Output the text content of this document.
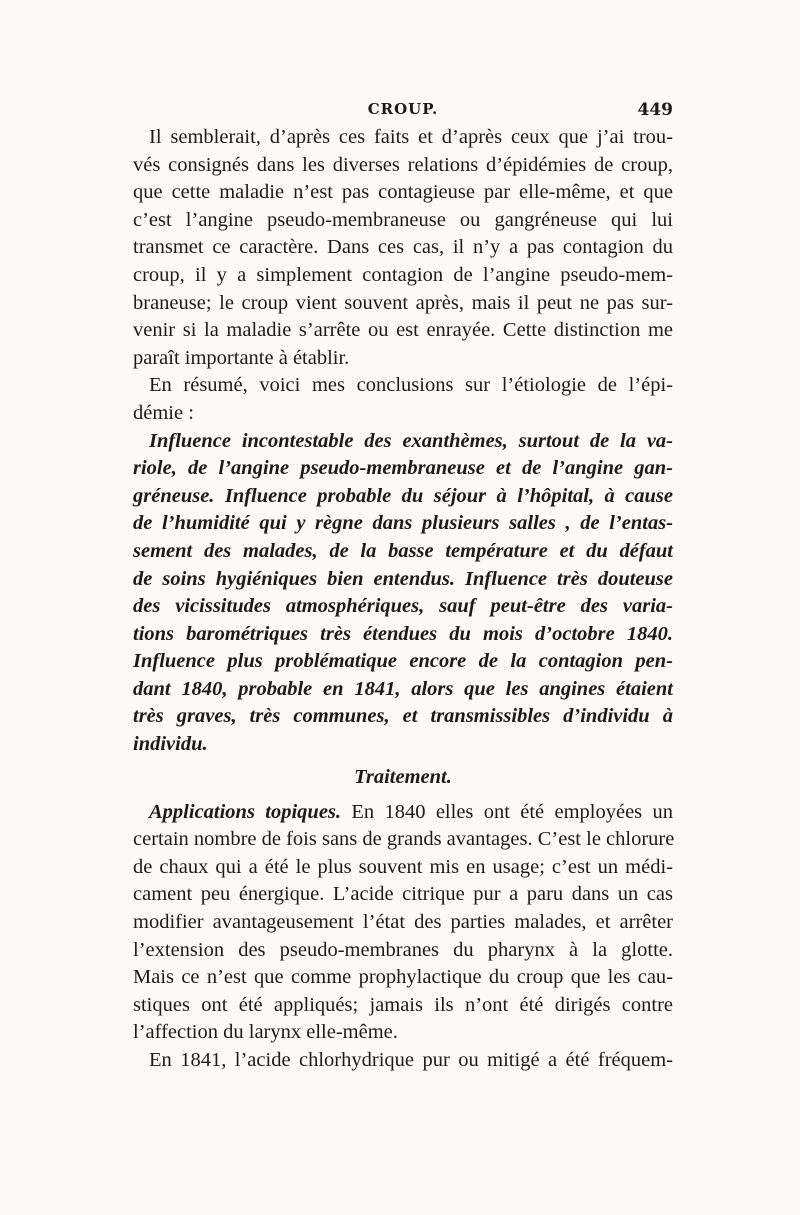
CROUP.	449
Il semblerait, d’après ces faits et d’après ceux que j’ai trou-
vés consignés dans les diverses relations d’épidémies de croup,
que cette maladie n’est pas contagieuse par elle-même, et que
c’est l’angine pseudo-membraneuse ou gangréneuse qui lui
transmet ce caractère. Dans ces cas, il n’y a pas contagion du
croup, il y a simplement contagion de l’angine pseudo-mem-
braneuse; le croup vient souvent après, mais il peut ne pas sur-
venir si la maladie s’arrête ou est enrayée. Cette distinction me
paraît importante à établir.
En résumé, voici mes conclusions sur l’étiologie de l’épi-
démie :
Influence incontestable des exanthèmes, surtout de la va-
riole, de l’angine pseudo-membraneuse et de l’angine gan-
gréneuse. Influence probable du séjour à l’hôpital, à cause
de l’humidité qui y règne dans plusieurs salles , de l’entas-
sement des malades, de la basse température et du défaut
de soins hygiéniques bien entendus. Influence très douteuse
des vicissitudes atmosphériques, sauf peut-être des varia-
tions barométriques très étendues du mois d’octobre 1840.
Influence plus problématique encore de la contagion pen-
dant 1840, probable en 1841, alors que les angines étaient
très graves, très communes, et transmissibles d’individu à
individu.
Traitement.
Applications topiques. En 1840 elles ont été employées un
certain nombre de fois sans de grands avantages. C’est le chlorure
de chaux qui a été le plus souvent mis en usage; c’est un médi-
cament peu énergique. L’acide citrique pur a paru dans un cas
modifier avantageusement l’état des parties malades, et arrêter
l’extension des pseudo-membranes du pharynx à la glotte.
Mais ce n’est que comme prophylactique du croup que les cau-
stiques ont été appliqués; jamais ils n’ont été dirigés contre
l’affection du larynx elle-même.
En 1841, l’acide chlorhydrique pur ou mitigé a été fréquem-
